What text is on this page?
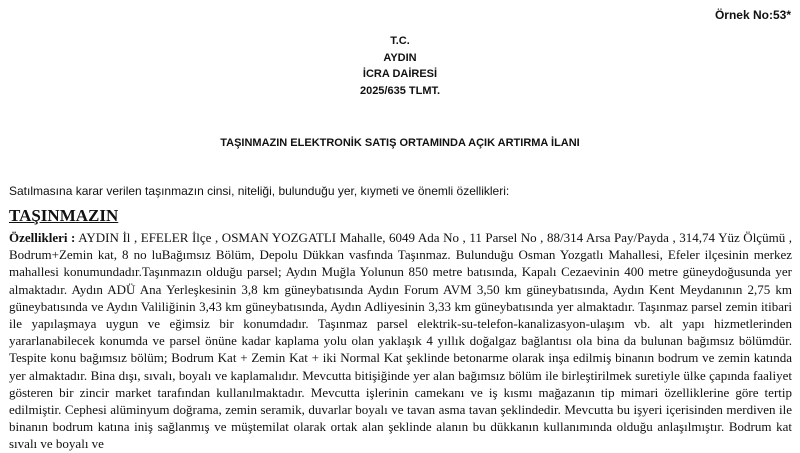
Örnek No:53*
T.C.
AYDIN
İCRA DAİRESİ
2025/635 TLMT.
TAŞINMAZIN ELEKTRONİK SATIŞ ORTAMINDA AÇIK ARTIRMA İLANI
Satılmasına karar verilen taşınmazın cinsi, niteliği, bulunduğu yer, kıymeti ve önemli özellikleri:
TAŞINMAZIN
Özellikleri : AYDIN İl , EFELER İlçe , OSMAN YOZGATLI Mahalle, 6049 Ada No , 11 Parsel No , 88/314 Arsa Pay/Payda , 314,74 Yüz Ölçümü , Bodrum+Zemin kat, 8 no luBağımsız Bölüm, Depolu Dükkan vasfında Taşınmaz. Bulunduğu Osman Yozgatlı Mahallesi, Efeler ilçesinin merkez mahallesi konumundadır.Taşınmazın olduğu parsel; Aydın Muğla Yolunun 850 metre batısında, Kapalı Cezaevinin 400 metre güneydoğusunda yer almaktadır. Aydın ADÜ Ana Yerleşkesinin 3,8 km güneybatısında Aydın Forum AVM 3,50 km güneybatısında, Aydın Kent Meydanının 2,75 km güneybatısında ve Aydın Valiliğinin 3,43 km güneybatısında, Aydın Adliyesinin 3,33 km güneybatısında yer almaktadır. Taşınmaz parsel zemin itibari ile yapılaşmaya uygun ve eğimsiz bir konumdadır. Taşınmaz parsel elektrik-su-telefon-kanalizasyon-ulaşım vb. alt yapı hizmetlerinden yararlanabilecek konumda ve parsel önüne kadar kaplama yolu olan yaklaşık 4 yıllık doğalgaz bağlantısı ola bina da bulunan bağımsız bölümdür. Tespite konu bağımsız bölüm; Bodrum Kat + Zemin Kat + iki Normal Kat şeklinde betonarme olarak inşa edilmiş binanın bodrum ve zemin katında yer almaktadır. Bina dışı, sıvalı, boyalı ve kaplamalıdır. Mevcutta bitişiğinde yer alan bağımsız bölüm ile birleştirilmek suretiyle ülke çapında faaliyet gösteren bir zincir market tarafından kullanılmaktadır. Mevcutta işlerinin camekanı ve iş kısmı mağazanın tip mimari özelliklerine göre tertip edilmiştir. Cephesi alüminyum doğrama, zemin seramik, duvarlar boyalı ve tavan asma tavan şeklindedir. Mevcutta bu işyeri içerisinden merdiven ile binanın bodrum katına iniş sağlanmış ve müştemilat olarak ortak alan şeklinde alanın bu dükkanın kullanımında olduğu anlaşılmıştır. Bodrum kat sıvalı ve boyalı ve
